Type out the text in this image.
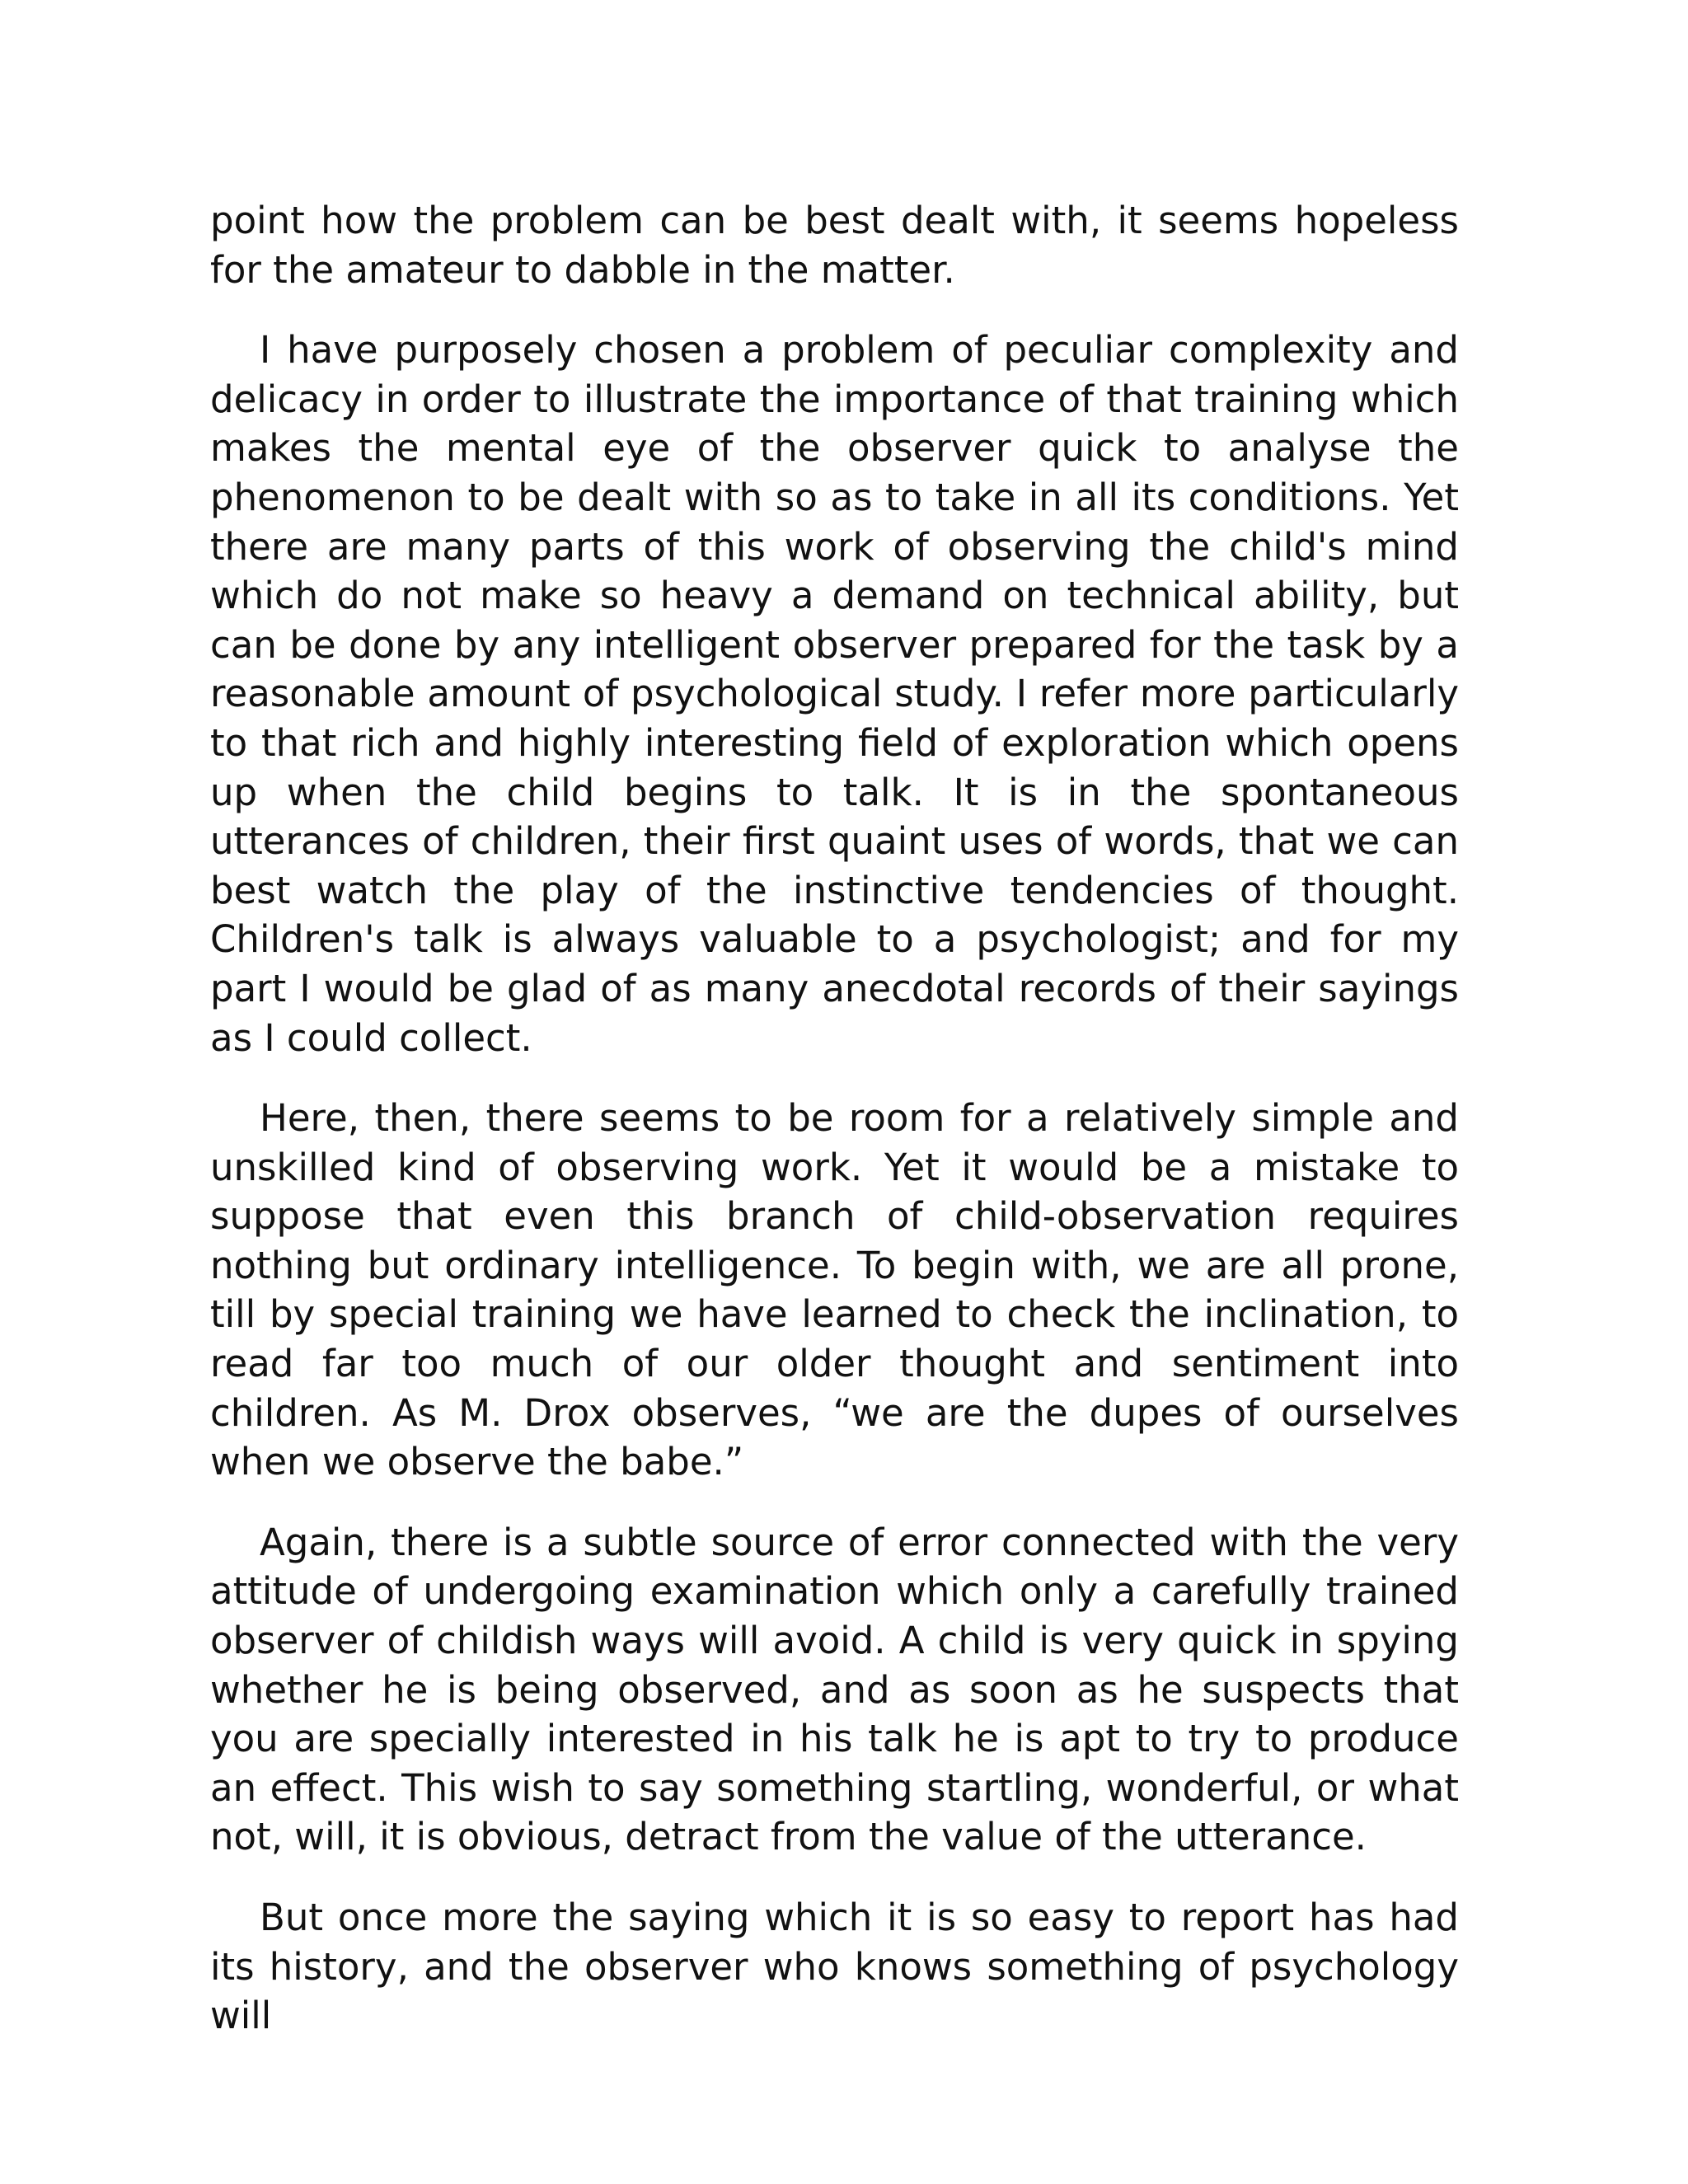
point how the problem can be best dealt with, it seems hopeless for the amateur to dabble in the matter.

I have purposely chosen a problem of peculiar complexity and delicacy in order to illustrate the importance of that training which makes the mental eye of the observer quick to analyse the phenomenon to be dealt with so as to take in all its conditions. Yet there are many parts of this work of observing the child's mind which do not make so heavy a demand on technical ability, but can be done by any intelligent observer prepared for the task by a reasonable amount of psychological study. I refer more particularly to that rich and highly interesting field of exploration which opens up when the child begins to talk. It is in the spontaneous utterances of children, their first quaint uses of words, that we can best watch the play of the instinctive tendencies of thought. Children's talk is always valuable to a psychologist; and for my part I would be glad of as many anecdotal records of their sayings as I could collect.

Here, then, there seems to be room for a relatively simple and unskilled kind of observing work. Yet it would be a mistake to suppose that even this branch of child-observation requires nothing but ordinary intelligence. To begin with, we are all prone, till by special training we have learned to check the inclination, to read far too much of our older thought and sentiment into children. As M. Drox observes, “we are the dupes of ourselves when we observe the babe.”

Again, there is a subtle source of error connected with the very attitude of undergoing examination which only a carefully trained observer of childish ways will avoid. A child is very quick in spying whether he is being observed, and as soon as he suspects that you are specially interested in his talk he is apt to try to produce an effect. This wish to say something startling, wonderful, or what not, will, it is obvious, detract from the value of the utterance.

But once more the saying which it is so easy to report has had its history, and the observer who knows something of psychology will
